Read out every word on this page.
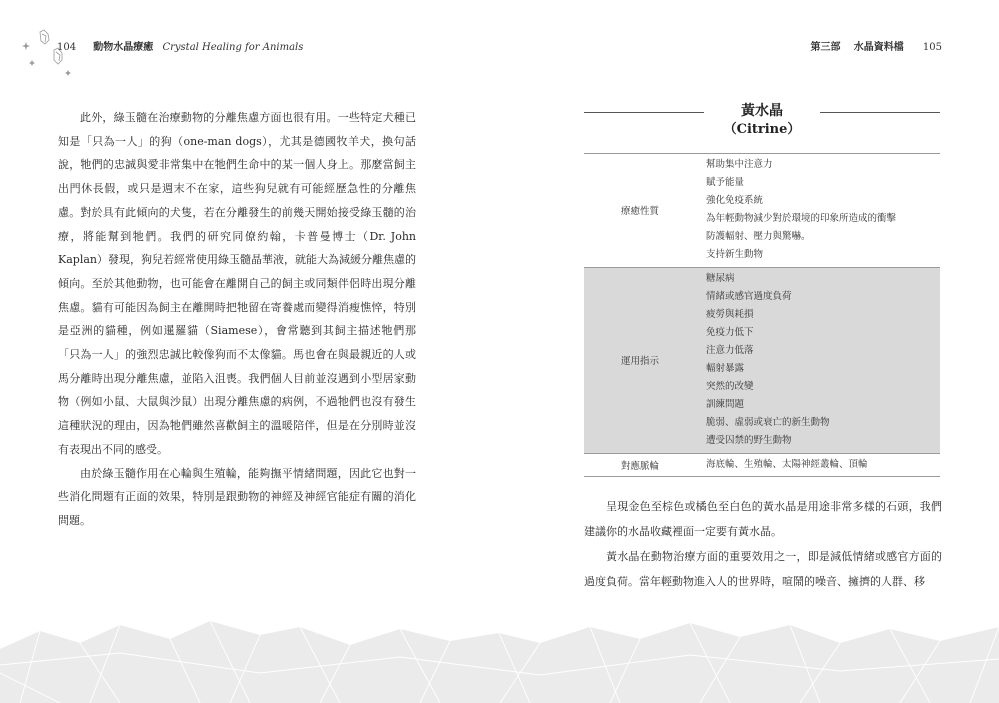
104 動物水晶療癒 Crystal Healing for Animals

此外，綠玉髓在治療動物的分離焦慮方面也很有用。一些特定犬種已知是「只為一人」的狗（one-man dogs），尤其是德國牧羊犬，換句話說，牠們的忠誠與愛非常集中在牠們生命中的某一個人身上。那麼當飼主出門休長假，或只是週末不在家，這些狗兒就有可能經歷急性的分離焦慮。對於具有此傾向的犬隻，若在分離發生的前幾天開始接受綠玉髓的治療，將能幫到牠們。我們的研究同僚約翰，卡普曼博士（Dr. John Kaplan）發現，狗兒若經常使用綠玉髓晶華液，就能大為減緩分離焦慮的傾向。至於其他動物，也可能會在離開自己的飼主或同類伴侶時出現分離焦慮。貓有可能因為飼主在離開時把牠留在寄養處而變得消瘦憔悴，特別是亞洲的貓種，例如暹羅貓（Siamese），會常聽到其飼主描述牠們那「只為一人」的強烈忠誠比較像狗而不太像貓。馬也會在與最親近的人或馬分離時出現分離焦慮，並陷入沮喪。我們個人目前並沒遇到小型居家動物（例如小鼠、大鼠與沙鼠）出現分離焦慮的病例，不過牠們也沒有發生這種狀況的理由，因為牠們雖然喜歡飼主的溫暖陪伴，但是在分別時並沒有表現出不同的感受。

由於綠玉髓作用在心輪與生殖輪，能夠撫平情緒問題，因此它也對一些消化問題有正面的效果，特別是跟動物的神經及神經官能症有關的消化問題。

第三部 水晶資料檔 105
黃水晶
（Citrine）
療癒性質
幫助集中注意力
賦予能量
強化免疫系統
為年輕動物減少對於環境的印象所造成的衝擊
防護輻射、壓力與驚嚇。
支持新生動物
運用指示
糖尿病
情緒或感官過度負荷
疲勞與耗損
免疫力低下
注意力低落
輻射暴露
突然的改變
訓練問題
脆弱、虛弱或衰亡的新生動物
遭受囚禁的野生動物
對應脈輪	海底輪、生殖輪、太陽神經叢輪、頂輪

呈現金色至棕色或橘色至白色的黃水晶是用途非常多樣的石頭，我們建議你的水晶收藏裡面一定要有黃水晶。

黃水晶在動物治療方面的重要效用之一，即是減低情緒或感官方面的過度負荷。當年輕動物進入人的世界時，喧鬧的噪音、擁擠的人群、移
